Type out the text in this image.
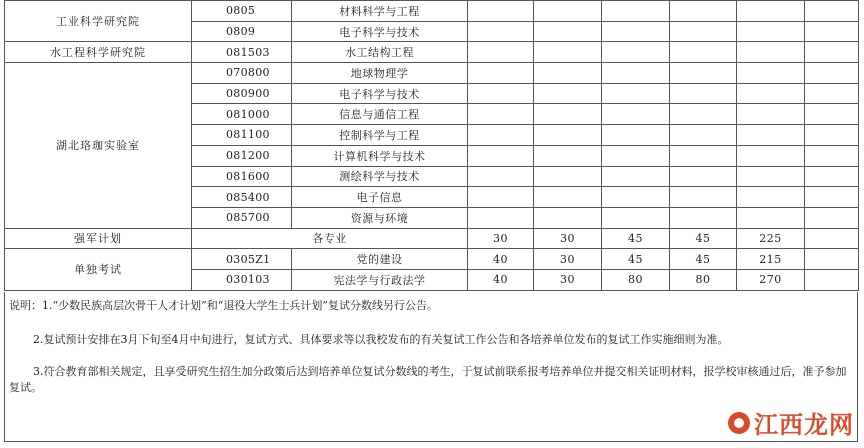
工业科学研究院	0805	材料科学与工程						
	0809	电子科学与技术						
水工程科学研究院	081503	水工结构工程						
湖北珞珈实验室	070800	地球物理学						
	080900	电子科学与技术						
	081000	信息与通信工程						
	081100	控制科学与工程						
	081200	计算机科学与技术						
	081600	测绘科学与技术						
	085400	电子信息						
	085700	资源与环境						
强军计划	各专业		30	30	45	45	225	
单独考试	0305Z1	党的建设	40	30	45	45	215	
	030103	宪法学与行政法学	40	30	80	80	270	

说明：1.“少数民族高层次骨干人才计划”和“退役大学生士兵计划”复试分数线另行公告。

2.复试预计安排在3月下旬至4月中旬进行，复试方式、具体要求等以我校发布的有关复试工作公告和各培养单位发布的复试工作实施细则为准。

3.符合教育部相关规定，且享受研究生招生加分政策后达到培养单位复试分数线的考生，于复试前联系报考培养单位并提交相关证明材料，报学校审核通过后，准予参加复试。

江西龙网
